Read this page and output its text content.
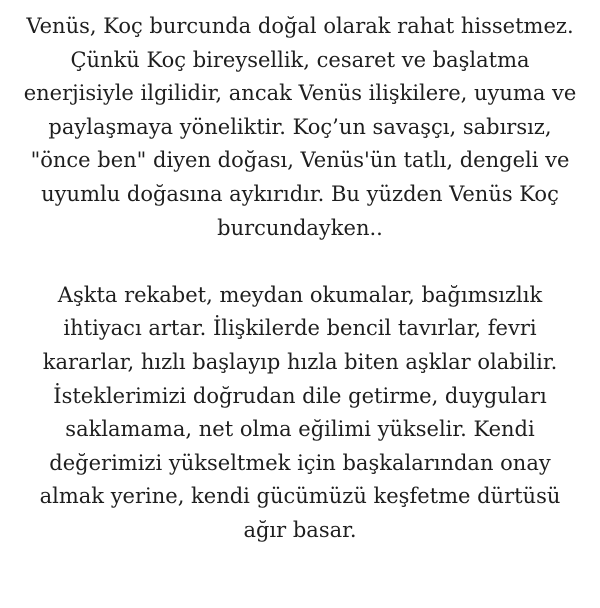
Venüs, Koç burcunda doğal olarak rahat hissetmez.
Çünkü Koç bireysellik, cesaret ve başlatma
enerjisiyle ilgilidir, ancak Venüs ilişkilere, uyuma ve
paylaşmaya yöneliktir. Koç’un savaşçı, sabırsız,
"önce ben" diyen doğası, Venüs'ün tatlı, dengeli ve
uyumlu doğasına aykırıdır. Bu yüzden Venüs Koç
burcundayken..

Aşkta rekabet, meydan okumalar, bağımsızlık
ihtiyacı artar. İlişkilerde bencil tavırlar, fevri
kararlar, hızlı başlayıp hızla biten aşklar olabilir.
İsteklerimizi doğrudan dile getirme, duyguları
saklamama, net olma eğilimi yükselir. Kendi
değerimizi yükseltmek için başkalarından onay
almak yerine, kendi gücümüzü keşfetme dürtüsü
ağır basar.
